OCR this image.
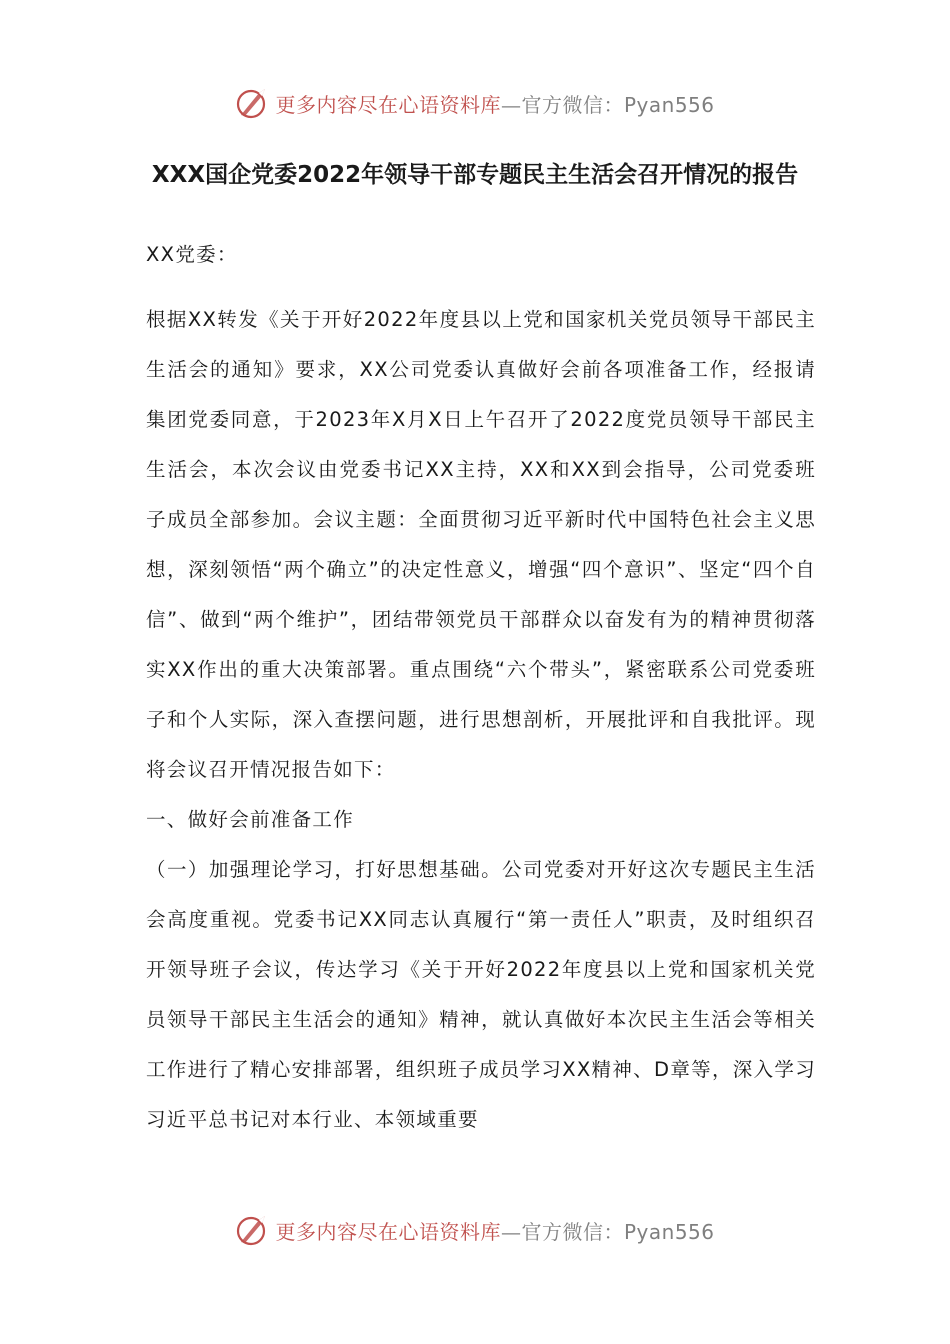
更多内容尽在心语资料库—官方微信：Pyan556
XXX国企党委2022年领导干部专题民主生活会召开情况的报告
XX党委：

根据XX转发《关于开好2022年度县以上党和国家机关党员领导干部民主生活会的通知》要求，XX公司党委认真做好会前各项准备工作，经报请集团党委同意，于2023年X月X日上午召开了2022度党员领导干部民主生活会，本次会议由党委书记XX主持，XX和XX到会指导，公司党委班子成员全部参加。会议主题：全面贯彻习近平新时代中国特色社会主义思想，深刻领悟“两个确立”的决定性意义，增强“四个意识”、坚定“四个自信”、做到“两个维护”，团结带领党员干部群众以奋发有为的精神贯彻落实XX作出的重大决策部署。重点围绕“六个带头”，紧密联系公司党委班子和个人实际，深入查摆问题，进行思想剖析，开展批评和自我批评。现将会议召开情况报告如下：

一、做好会前准备工作

（一）加强理论学习，打好思想基础。公司党委对开好这次专题民主生活会高度重视。党委书记XX同志认真履行“第一责任人”职责，及时组织召开领导班子会议，传达学习《关于开好2022年度县以上党和国家机关党员领导干部民主生活会的通知》精神，就认真做好本次民主生活会等相关工作进行了精心安排部署，组织班子成员学习XX精神、D章等，深入学习习近平总书记对本行业、本领域重要

更多内容尽在心语资料库—官方微信：Pyan556
